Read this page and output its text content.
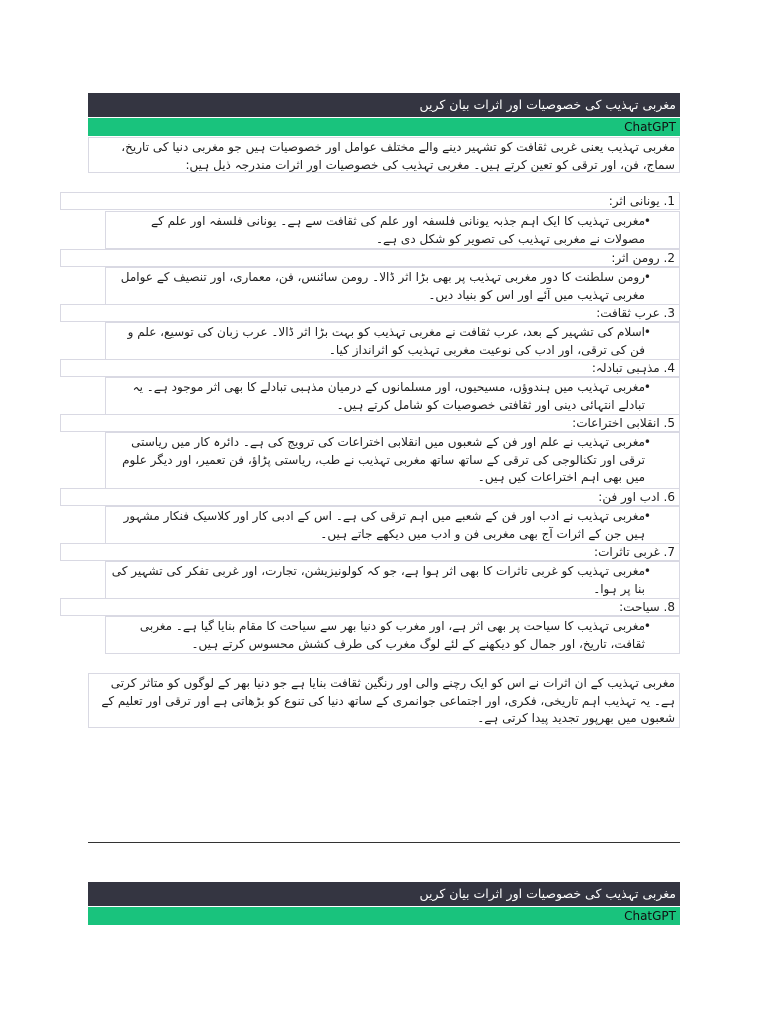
مغربی تہذیب کی خصوصیات اور اثرات بیان کریں
ChatGPT
مغربی تہذیب یعنی غربی ثقافت کو تشہیر دینے والے مختلف عوامل اور خصوصیات ہیں جو مغربی دنیا کی تاریخ، سماج، فن، اور ترقی کو تعین کرتے ہیں۔ مغربی تہذیب کی خصوصیات اور اثرات مندرجہ ذیل ہیں:
1. یونانی اثر:
•
مغربی تہذیب کا ایک اہم جذبہ یونانی فلسفہ اور علم کی ثقافت سے ہے۔ یونانی فلسفہ اور علم کے مصولات نے مغربی تہذیب کی تصویر کو شکل دی ہے۔
2. رومن اثر:
•
رومن سلطنت کا دور مغربی تہذیب پر بھی بڑا اثر ڈالا۔ رومن سائنس، فن، معماری، اور تنصیف کے عوامل مغربی تہذیب میں آئے اور اس کو بنیاد دیں۔
3. عرب ثقافت:
•
اسلام کی تشہیر کے بعد، عرب ثقافت نے مغربی تہذیب کو بہت بڑا اثر ڈالا۔ عرب زبان کی توسیع، علم و فن کی ترقی، اور ادب کی نوعیت مغربی تہذیب کو اثرانداز کیا۔
4. مذہبی تبادلہ:
•
مغربی تہذیب میں ہندوؤں، مسیحیوں، اور مسلمانوں کے درمیان مذہبی تبادلے کا بھی اثر موجود ہے۔ یہ تبادلے انتہائی دینی اور ثقافتی خصوصیات کو شامل کرتے ہیں۔
5. انقلابی اختراعات:
•
مغربی تہذیب نے علم اور فن کے شعبوں میں انقلابی اختراعات کی ترویج کی ہے۔ دائرہ کار میں ریاستی ترقی اور تکنالوجی کی ترقی کے ساتھ ساتھ مغربی تہذیب نے طب، ریاستی پڑاؤ، فن تعمیر، اور دیگر علوم میں بھی اہم اختراعات کیں ہیں۔
6. ادب اور فن:
•
مغربی تہذیب نے ادب اور فن کے شعبے میں اہم ترقی کی ہے۔ اس کے ادبی کار اور کلاسیک فنکار مشہور ہیں جن کے اثرات آج بھی مغربی فن و ادب میں دیکھے جاتے ہیں۔
7. غربی تاثرات:
•
مغربی تہذیب کو غربی تاثرات کا بھی اثر ہوا ہے، جو کہ کولونیزیشن، تجارت، اور غربی تفکر کی تشہیر کی بنا پر ہوا۔
8. سیاحت:
•
مغربی تہذیب کا سیاحت پر بھی اثر ہے، اور مغرب کو دنیا بھر سے سیاحت کا مقام بنایا گیا ہے۔ مغربی ثقافت، تاریخ، اور جمال کو دیکھنے کے لئے لوگ مغرب کی طرف کشش محسوس کرتے ہیں۔
مغربی تہذیب کے ان اثرات نے اس کو ایک رچنے والی اور رنگین ثقافت بنایا ہے جو دنیا بھر کے لوگوں کو متاثر کرتی ہے۔ یہ تہذیب اہم تاریخی، فکری، اور اجتماعی جوانمری کے ساتھ دنیا کی تنوع کو بڑھاتی ہے اور ترقی اور تعلیم کے شعبوں میں بھرپور تجدید پیدا کرتی ہے۔
مغربی تہذیب کی خصوصیات اور اثرات بیان کریں
ChatGPT
